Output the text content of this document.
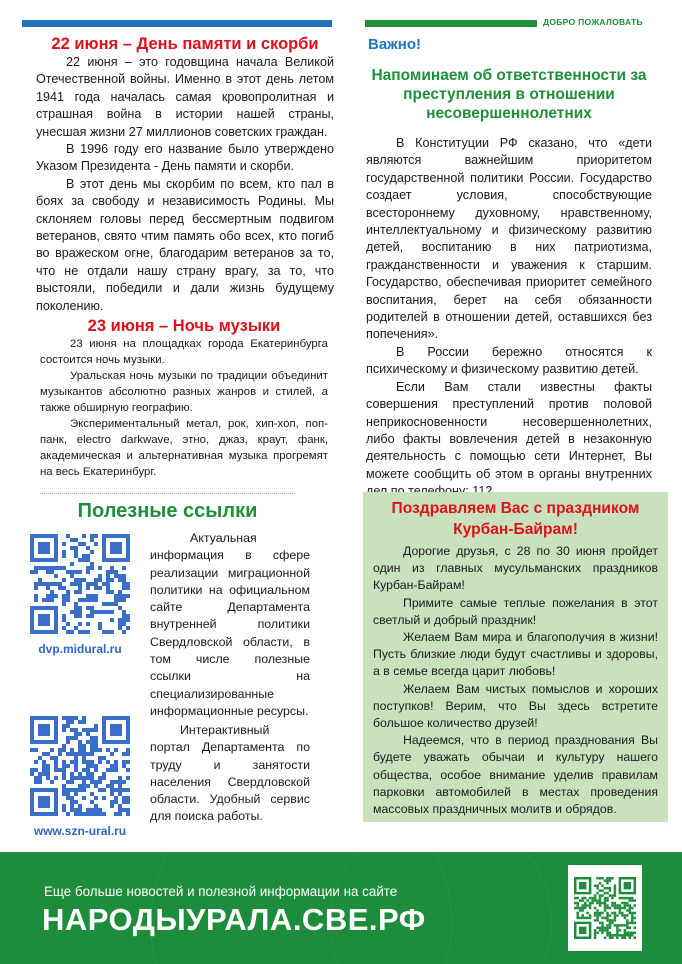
ДОБРО ПОЖАЛОВАТЬ
22 июня – День памяти и скорби

22 июня – это годовщина начала Великой Отечественной войны. Именно в этот день летом 1941 года началась самая кровопролитная и страшная война в истории нашей страны, унесшая жизни 27 миллионов советских граждан.

В 1996 году его название было утверждено Указом Президента - День памяти и скорби.

В этот день мы скорбим по всем, кто пал в боях за свободу и независимость Родины. Мы склоняем головы перед бессмертным подвигом ветеранов, свято чтим память обо всех, кто погиб во вражеском огне, благодарим ветеранов за то, что не отдали нашу страну врагу, за то, что выстояли, победили и дали жизнь будущему поколению.

23 июня – Ночь музыки

23 июня на площадках города Екатеринбурга состоится ночь музыки.

Уральская ночь музыки по традиции объединит музыкантов абсолютно разных жанров и стилей, а также обширную географию.

Экспериментальный метал, рок, хип-хоп, поп-панк, electro darkwave, этно, джаз, краут, фанк, академическая и альтернативная музыка прогремят на весь Екатеринбург.

Полезные ссылки
dvp.midural.ru
Актуальная информация в сфере реализации миграционной политики на официальном сайте Департамента внутренней политики Свердловской области, в том числе полезные ссылки на специализированные информационные ресурсы.
www.szn-ural.ru
Интерактивный портал Департамента по труду и занятости населения Свердловской области. Удобный сервис для поиска работы.
Важно!
Напоминаем об ответственности за преступления в отношении несовершеннолетних

В Конституции РФ сказано, что «дети являются важнейшим приоритетом государственной политики России. Государство создает условия, способствующие всестороннему духовному, нравственному, интеллектуальному и физическому развитию детей, воспитанию в них патриотизма, гражданственности и уважения к старшим. Государство, обеспечивая приоритет семейного воспитания, берет на себя обязанности родителей в отношении детей, оставшихся без попечения».

В России бережно относятся к психическому и физическому развитию детей.

Если Вам стали известны факты совершения преступлений против половой неприкосновенности несовершеннолетних, либо факты вовлечения детей в незаконную деятельность с помощью сети Интернет, Вы можете сообщить об этом в органы внутренних

Поздравляем Вас с праздником Курбан-Байрам!

Дорогие друзья, с 28 по 30 июня пройдет один из главных мусульманских праздников Курбан-Байрам!

Примите самые теплые пожелания в этот светлый и добрый праздник!

Желаем Вам мира и благополучия в жизни! Пусть близкие люди будут счастливы и здоровы, а в семье всегда царит любовь!

Желаем Вам чистых помыслов и хороших поступков! Верим, что Вы здесь встретите большое количество друзей!

Надеемся, что в период празднования Вы будете уважать обычаи и культуру нашего общества, особое внимание уделив правилам парковки автомобилей в местах проведения массовых праздничных молитв и обрядов.

Еще больше новостей и полезной информации на сайте
НАРОДЫУРАЛА.СВЕ.РФ
